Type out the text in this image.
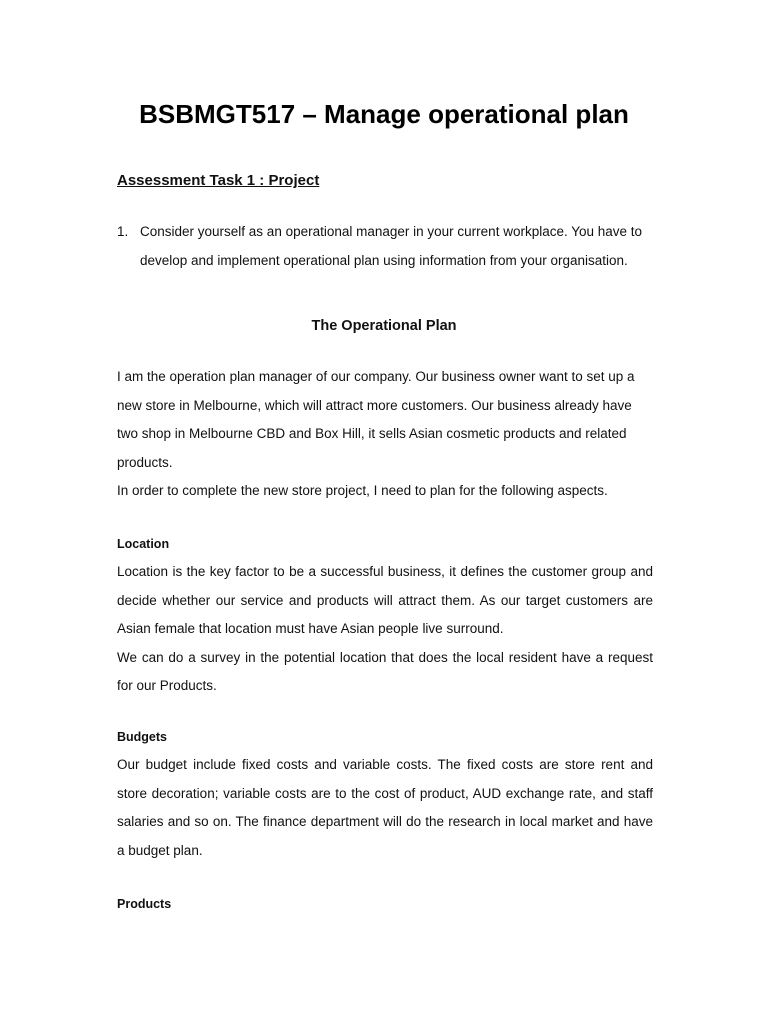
BSBMGT517 – Manage operational plan
Assessment Task 1 : Project
1. Consider yourself as an operational manager in your current workplace. You have to develop and implement operational plan using information from your organisation.
The Operational Plan

I am the operation plan manager of our company. Our business owner want to set up a new store in Melbourne, which will attract more customers. Our business already have two shop in Melbourne CBD and Box Hill, it sells Asian cosmetic products and related products.

In order to complete the new store project, I need to plan for the following aspects.

Location

Location is the key factor to be a successful business, it defines the customer group and decide whether our service and products will attract them. As our target customers are Asian female that location must have Asian people live surround.

We can do a survey in the potential location that does the local resident have a request for our Products.

Budgets

Our budget include fixed costs and variable costs. The fixed costs are store rent and store decoration; variable costs are to the cost of product, AUD exchange rate, and staff salaries and so on. The finance department will do the research in local market and have a budget plan.

Products
